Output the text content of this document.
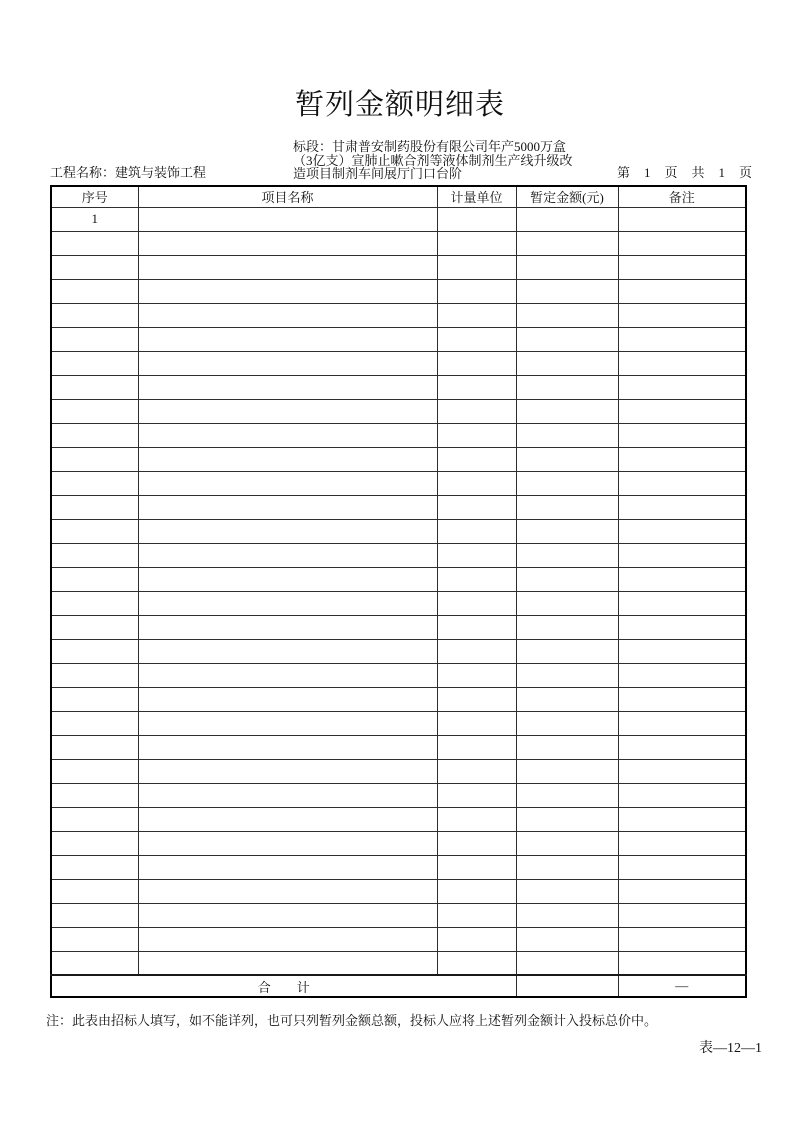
暂列金额明细表
标段：甘肃普安制药股份有限公司年产5000万盒
（3亿支）宣肺止嗽合剂等液体制剂生产线升级改
造项目制剂车间展厅门口台阶
工程名称：建筑与装饰工程	第 1 页 共 1 页
序号	项目名称	计量单位	暂定金额(元)	备注
1				

合　　计				—
注：此表由招标人填写，如不能详列，也可只列暂列金额总额，投标人应将上述暂列金额计入投标总价中。
表—12—1
